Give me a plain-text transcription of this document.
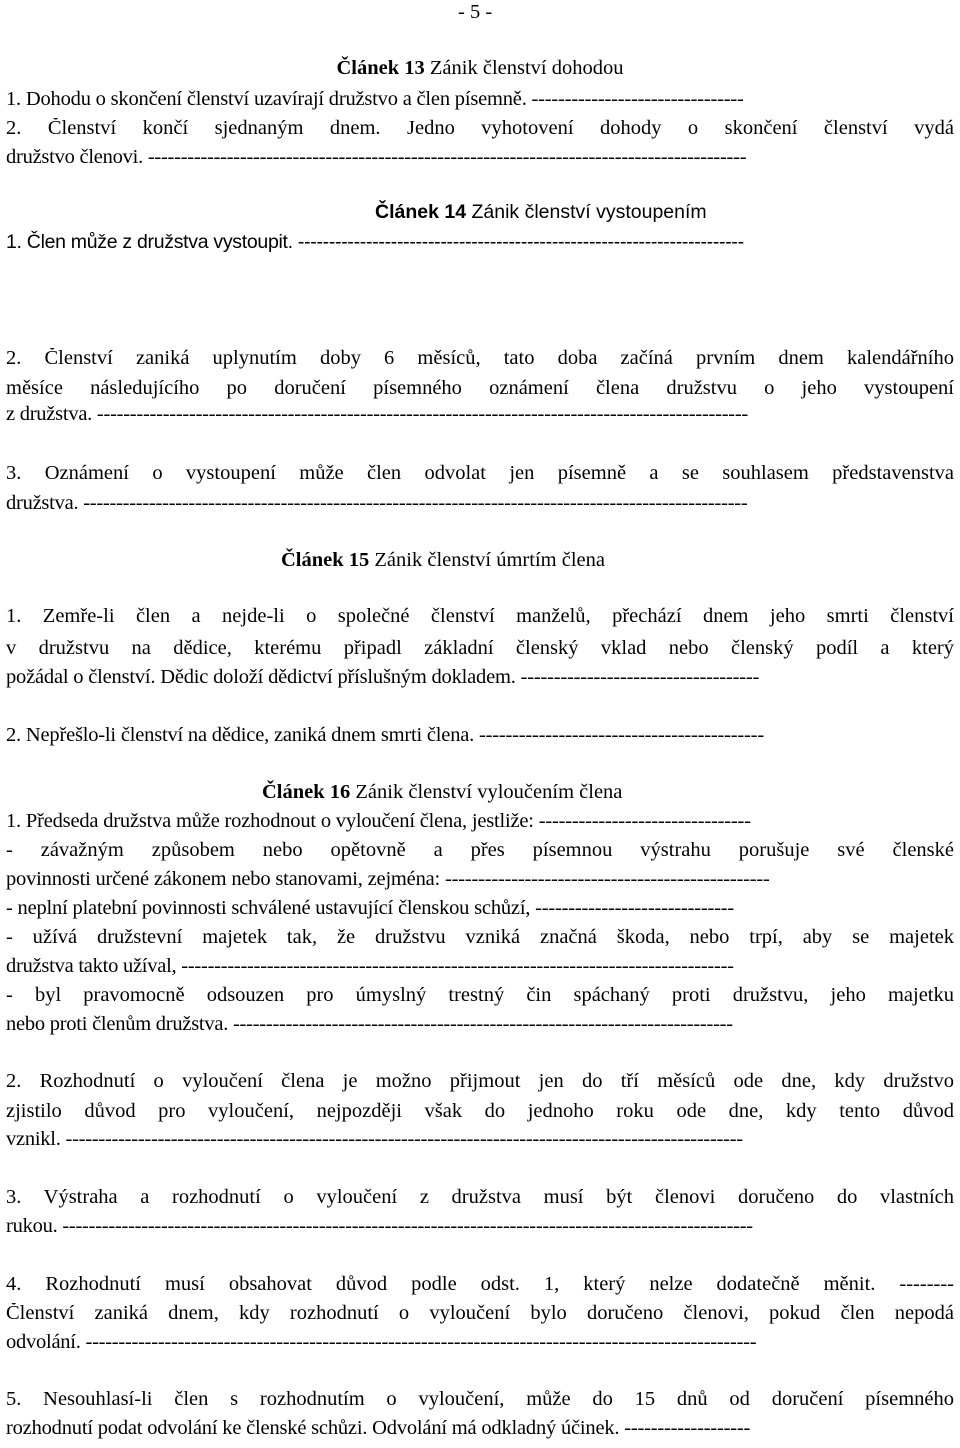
- 5 -
Článek 13 Zánik členství dohodou
1. Dohodu o skončení členství uzavírají družstvo a člen písemně. --------------------------------
2. Členství končí sjednaným dnem. Jedno vyhotovení dohody o skončení členství vydá
družstvo členovi. -------------------------------------------------------------------------------------------
Článek 14 Zánik členství vystoupením
1. Člen může z družstva vystoupit. ------------------------------------------------------------------------
2. Členství zaniká uplynutím doby 6 měsíců, tato doba začíná prvním dnem kalendářního
měsíce následujícího po doručení písemného oznámení člena družstvu o jeho vystoupení
z družstva. ---------------------------------------------------------------------------------------------------
3. Oznámení o vystoupení může člen odvolat jen písemně a se souhlasem představenstva
družstva. -----------------------------------------------------------------------------------------------------
Článek 15 Zánik členství úmrtím člena
1. Zemře-li člen a nejde-li o společné členství manželů, přechází dnem jeho smrti členství
v družstvu na dědice, kterému připadl základní členský vklad nebo členský podíl a který
požádal o členství. Dědic doloží dědictví příslušným dokladem. ------------------------------------
2. Nepřešlo-li členství na dědice, zaniká dnem smrti člena. -------------------------------------------
Článek 16 Zánik členství vyloučením člena
1. Předseda družstva může rozhodnout o vyloučení člena, jestliže: --------------------------------
- závažným způsobem nebo opětovně a přes písemnou výstrahu porušuje své členské
povinnosti určené zákonem nebo stanovami, zejména: -------------------------------------------------
- neplní platební povinnosti schválené ustavující členskou schůzí, ------------------------------
- užívá družstevní majetek tak, že družstvu vzniká značná škoda, nebo trpí, aby se majetek
družstva takto užíval, ------------------------------------------------------------------------------------
- byl pravomocně odsouzen pro úmyslný trestný čin spáchaný proti družstvu, jeho majetku
nebo proti členům družstva. ----------------------------------------------------------------------------
2. Rozhodnutí o vyloučení člena je možno přijmout jen do tří měsíců ode dne, kdy družstvo
zjistilo důvod pro vyloučení, nejpozději však do jednoho roku ode dne, kdy tento důvod
vznikl. -------------------------------------------------------------------------------------------------------
3. Výstraha a rozhodnutí o vyloučení z družstva musí být členovi doručeno do vlastních
rukou. ---------------------------------------------------------------------------------------------------------
4. Rozhodnutí musí obsahovat důvod podle odst. 1, který nelze dodatečně měnit. --------
Členství zaniká dnem, kdy rozhodnutí o vyloučení bylo doručeno členovi, pokud člen nepodá
odvolání. ------------------------------------------------------------------------------------------------------
5. Nesouhlasí-li člen s rozhodnutím o vyloučení, může do 15 dnů od doručení písemného
rozhodnutí podat odvolání ke členské schůzi. Odvolání má odkladný účinek. -------------------
